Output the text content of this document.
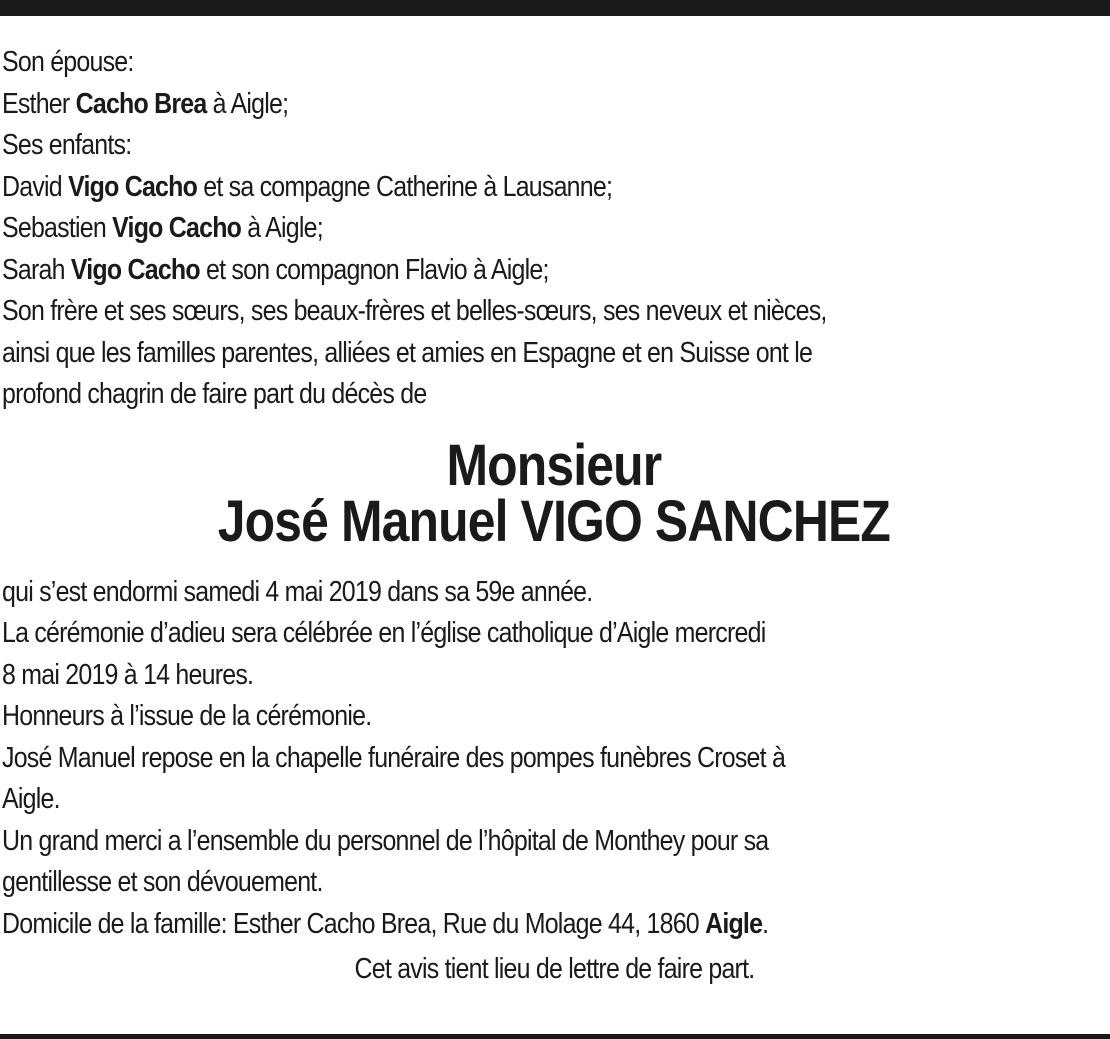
Son épouse:
Esther Cacho Brea à Aigle;
Ses enfants:
David Vigo Cacho et sa compagne Catherine à Lausanne;
Sebastien Vigo Cacho à Aigle;
Sarah Vigo Cacho et son compagnon Flavio à Aigle;
Son frère et ses sœurs, ses beaux-frères et belles-sœurs, ses neveux et nièces,
ainsi que les familles parentes, alliées et amies en Espagne et en Suisse ont le
profond chagrin de faire part du décès de
Monsieur
José Manuel VIGO SANCHEZ
qui s’est endormi samedi 4 mai 2019 dans sa 59e année.
La cérémonie d’adieu sera célébrée en l’église catholique d’Aigle mercredi
8 mai 2019 à 14 heures.
Honneurs à l’issue de la cérémonie.
José Manuel repose en la chapelle funéraire des pompes funèbres Croset à
Aigle.
Un grand merci a l’ensemble du personnel de l’hôpital de Monthey pour sa
gentillesse et son dévouement.
Domicile de la famille: Esther Cacho Brea, Rue du Molage 44, 1860 Aigle.
Cet avis tient lieu de lettre de faire part.
